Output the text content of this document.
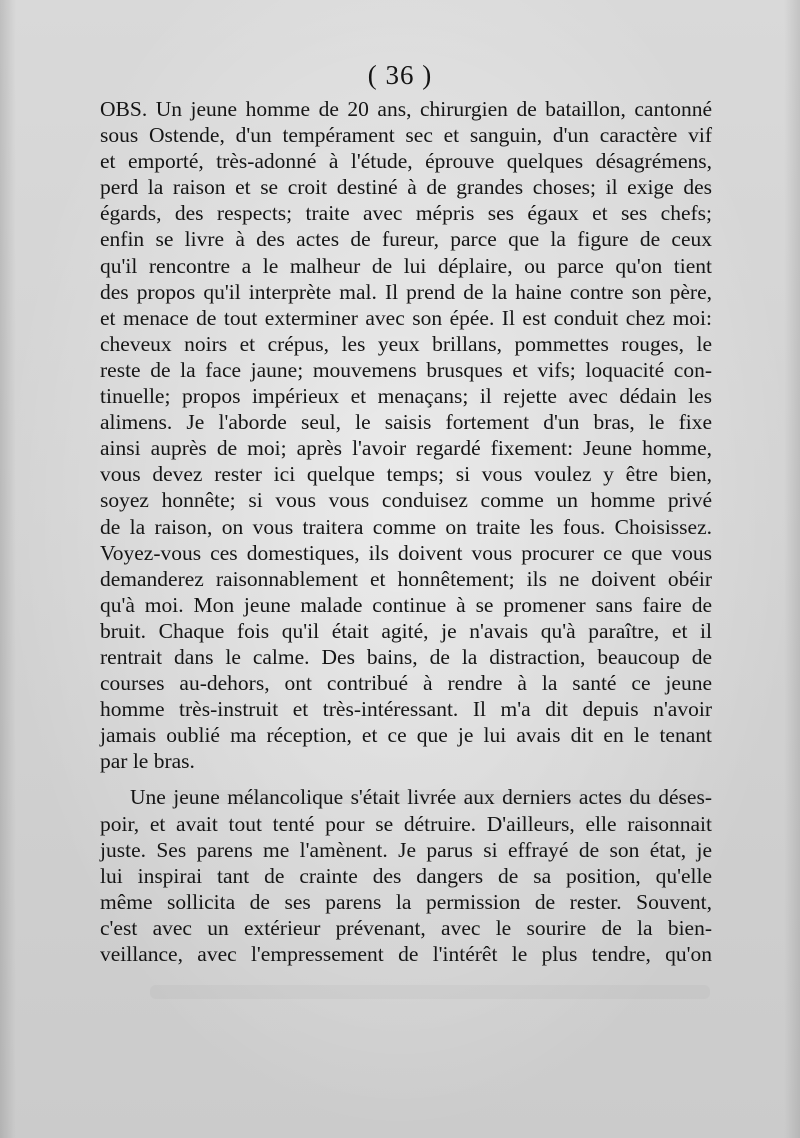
( 36 )
OBS. Un jeune homme de 20 ans, chirurgien de bataillon, cantonné
sous Ostende, d'un tempérament sec et sanguin, d'un caractère vif
et emporté, très-adonné à l'étude, éprouve quelques désagrémens,
perd la raison et se croit destiné à de grandes choses; il exige des
égards, des respects; traite avec mépris ses égaux et ses chefs;
enfin se livre à des actes de fureur, parce que la figure de ceux
qu'il rencontre a le malheur de lui déplaire, ou parce qu'on tient
des propos qu'il interprète mal. Il prend de la haine contre son père,
et menace de tout exterminer avec son épée. Il est conduit chez moi:
cheveux noirs et crépus, les yeux brillans, pommettes rouges, le
reste de la face jaune; mouvemens brusques et vifs; loquacité con-
tinuelle; propos impérieux et menaçans; il rejette avec dédain les
alimens. Je l'aborde seul, le saisis fortement d'un bras, le fixe
ainsi auprès de moi; après l'avoir regardé fixement: Jeune homme,
vous devez rester ici quelque temps; si vous voulez y être bien,
soyez honnête; si vous vous conduisez comme un homme privé
de la raison, on vous traitera comme on traite les fous. Choisissez.
Voyez-vous ces domestiques, ils doivent vous procurer ce que vous
demanderez raisonnablement et honnêtement; ils ne doivent obéir
qu'à moi. Mon jeune malade continue à se promener sans faire de
bruit. Chaque fois qu'il était agité, je n'avais qu'à paraître, et il
rentrait dans le calme. Des bains, de la distraction, beaucoup de
courses au-dehors, ont contribué à rendre à la santé ce jeune
homme très-instruit et très-intéressant. Il m'a dit depuis n'avoir
jamais oublié ma réception, et ce que je lui avais dit en le tenant
par le bras.
Une jeune mélancolique s'était livrée aux derniers actes du déses-
poir, et avait tout tenté pour se détruire. D'ailleurs, elle raisonnait
juste. Ses parens me l'amènent. Je parus si effrayé de son état, je
lui inspirai tant de crainte des dangers de sa position, qu'elle
même sollicita de ses parens la permission de rester. Souvent,
c'est avec un extérieur prévenant, avec le sourire de la bien-
veillance, avec l'empressement de l'intérêt le plus tendre, qu'on
